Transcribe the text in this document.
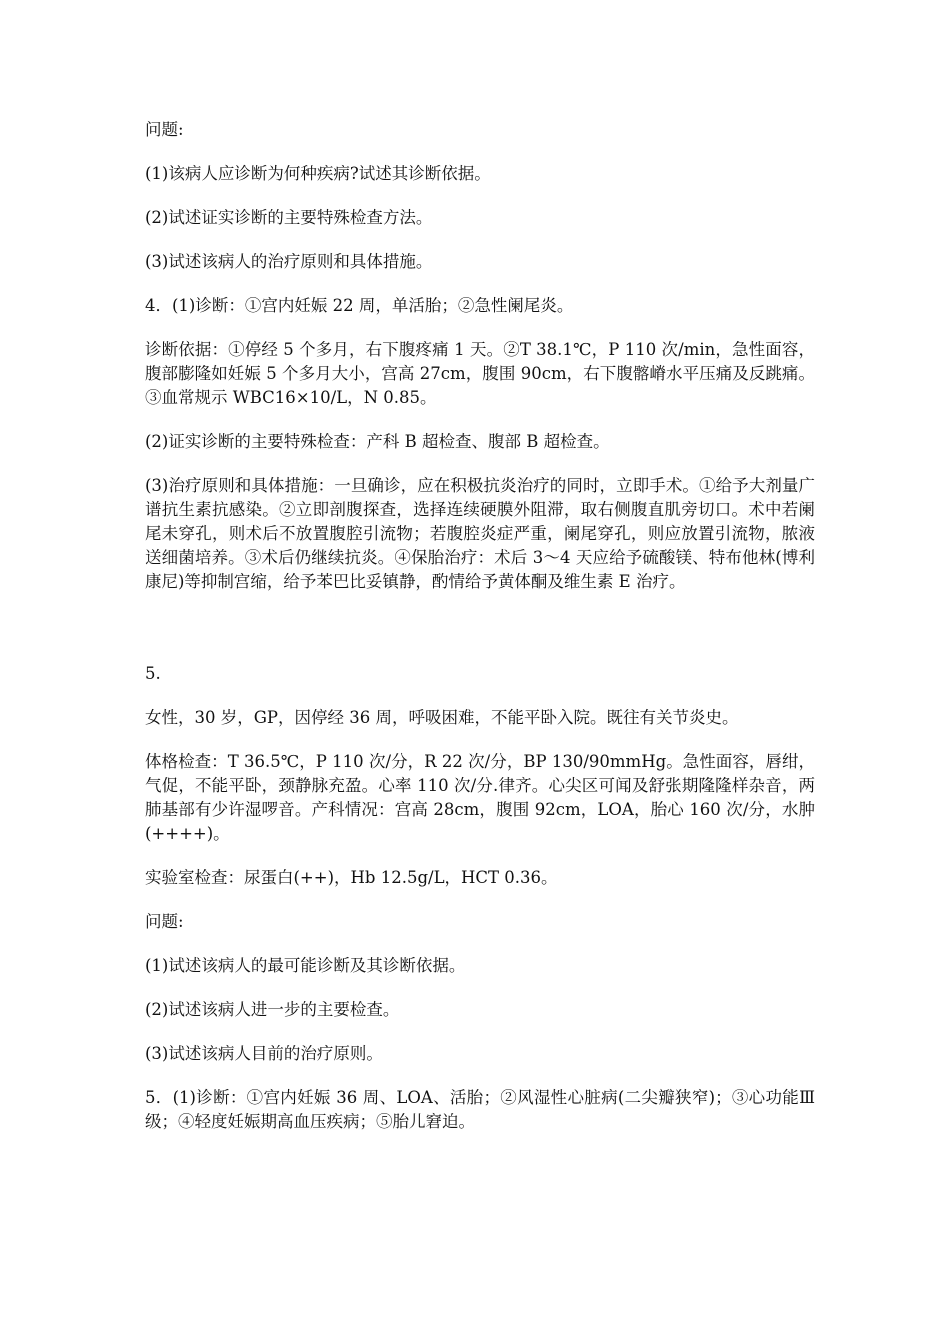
问题:

(1)该病人应诊断为何种疾病?试述其诊断依据。

(2)试述证实诊断的主要特殊检查方法。

(3)试述该病人的治疗原则和具体措施。

4．(1)诊断：①宫内妊娠 22 周，单活胎；②急性阑尾炎。

诊断依据：①停经 5 个多月，右下腹疼痛 1 天。②T 38.1℃，P 110 次/min，急性面容，腹部膨隆如妊娠 5 个多月大小，宫高 27cm，腹围 90cm，右下腹髂嵴水平压痛及反跳痛。③血常规示 WBC16×10/L，N 0.85。

(2)证实诊断的主要特殊检查：产科 B 超检查、腹部 B 超检查。

(3)治疗原则和具体措施：一旦确诊，应在积极抗炎治疗的同时，立即手术。①给予大剂量广谱抗生素抗感染。②立即剖腹探查，选择连续硬膜外阻滞，取右侧腹直肌旁切口。术中若阑尾未穿孔，则术后不放置腹腔引流物；若腹腔炎症严重，阑尾穿孔，则应放置引流物，脓液送细菌培养。③术后仍继续抗炎。④保胎治疗：术后 3～4 天应给予硫酸镁、特布他林(博利康尼)等抑制宫缩，给予苯巴比妥镇静，酌情给予黄体酮及维生素 E 治疗。

5.

女性，30 岁，GP，因停经 36 周，呼吸困难，不能平卧入院。既往有关节炎史。

体格检查：T 36.5℃，P 110 次/分，R 22 次/分，BP 130/90mmHg。急性面容，唇绀，气促，不能平卧，颈静脉充盈。心率 110 次/分.律齐。心尖区可闻及舒张期隆隆样杂音，两肺基部有少许湿啰音。产科情况：宫高 28cm，腹围 92cm，LOA，胎心 160 次/分，水肿(++++)。

实验室检查：尿蛋白(++)，Hb 12.5g/L，HCT 0.36。

问题:

(1)试述该病人的最可能诊断及其诊断依据。

(2)试述该病人进一步的主要检查。

(3)试述该病人目前的治疗原则。

5．(1)诊断：①宫内妊娠 36 周、LOA、活胎；②风湿性心脏病(二尖瓣狭窄)；③心功能Ⅲ级；④轻度妊娠期高血压疾病；⑤胎儿窘迫。
